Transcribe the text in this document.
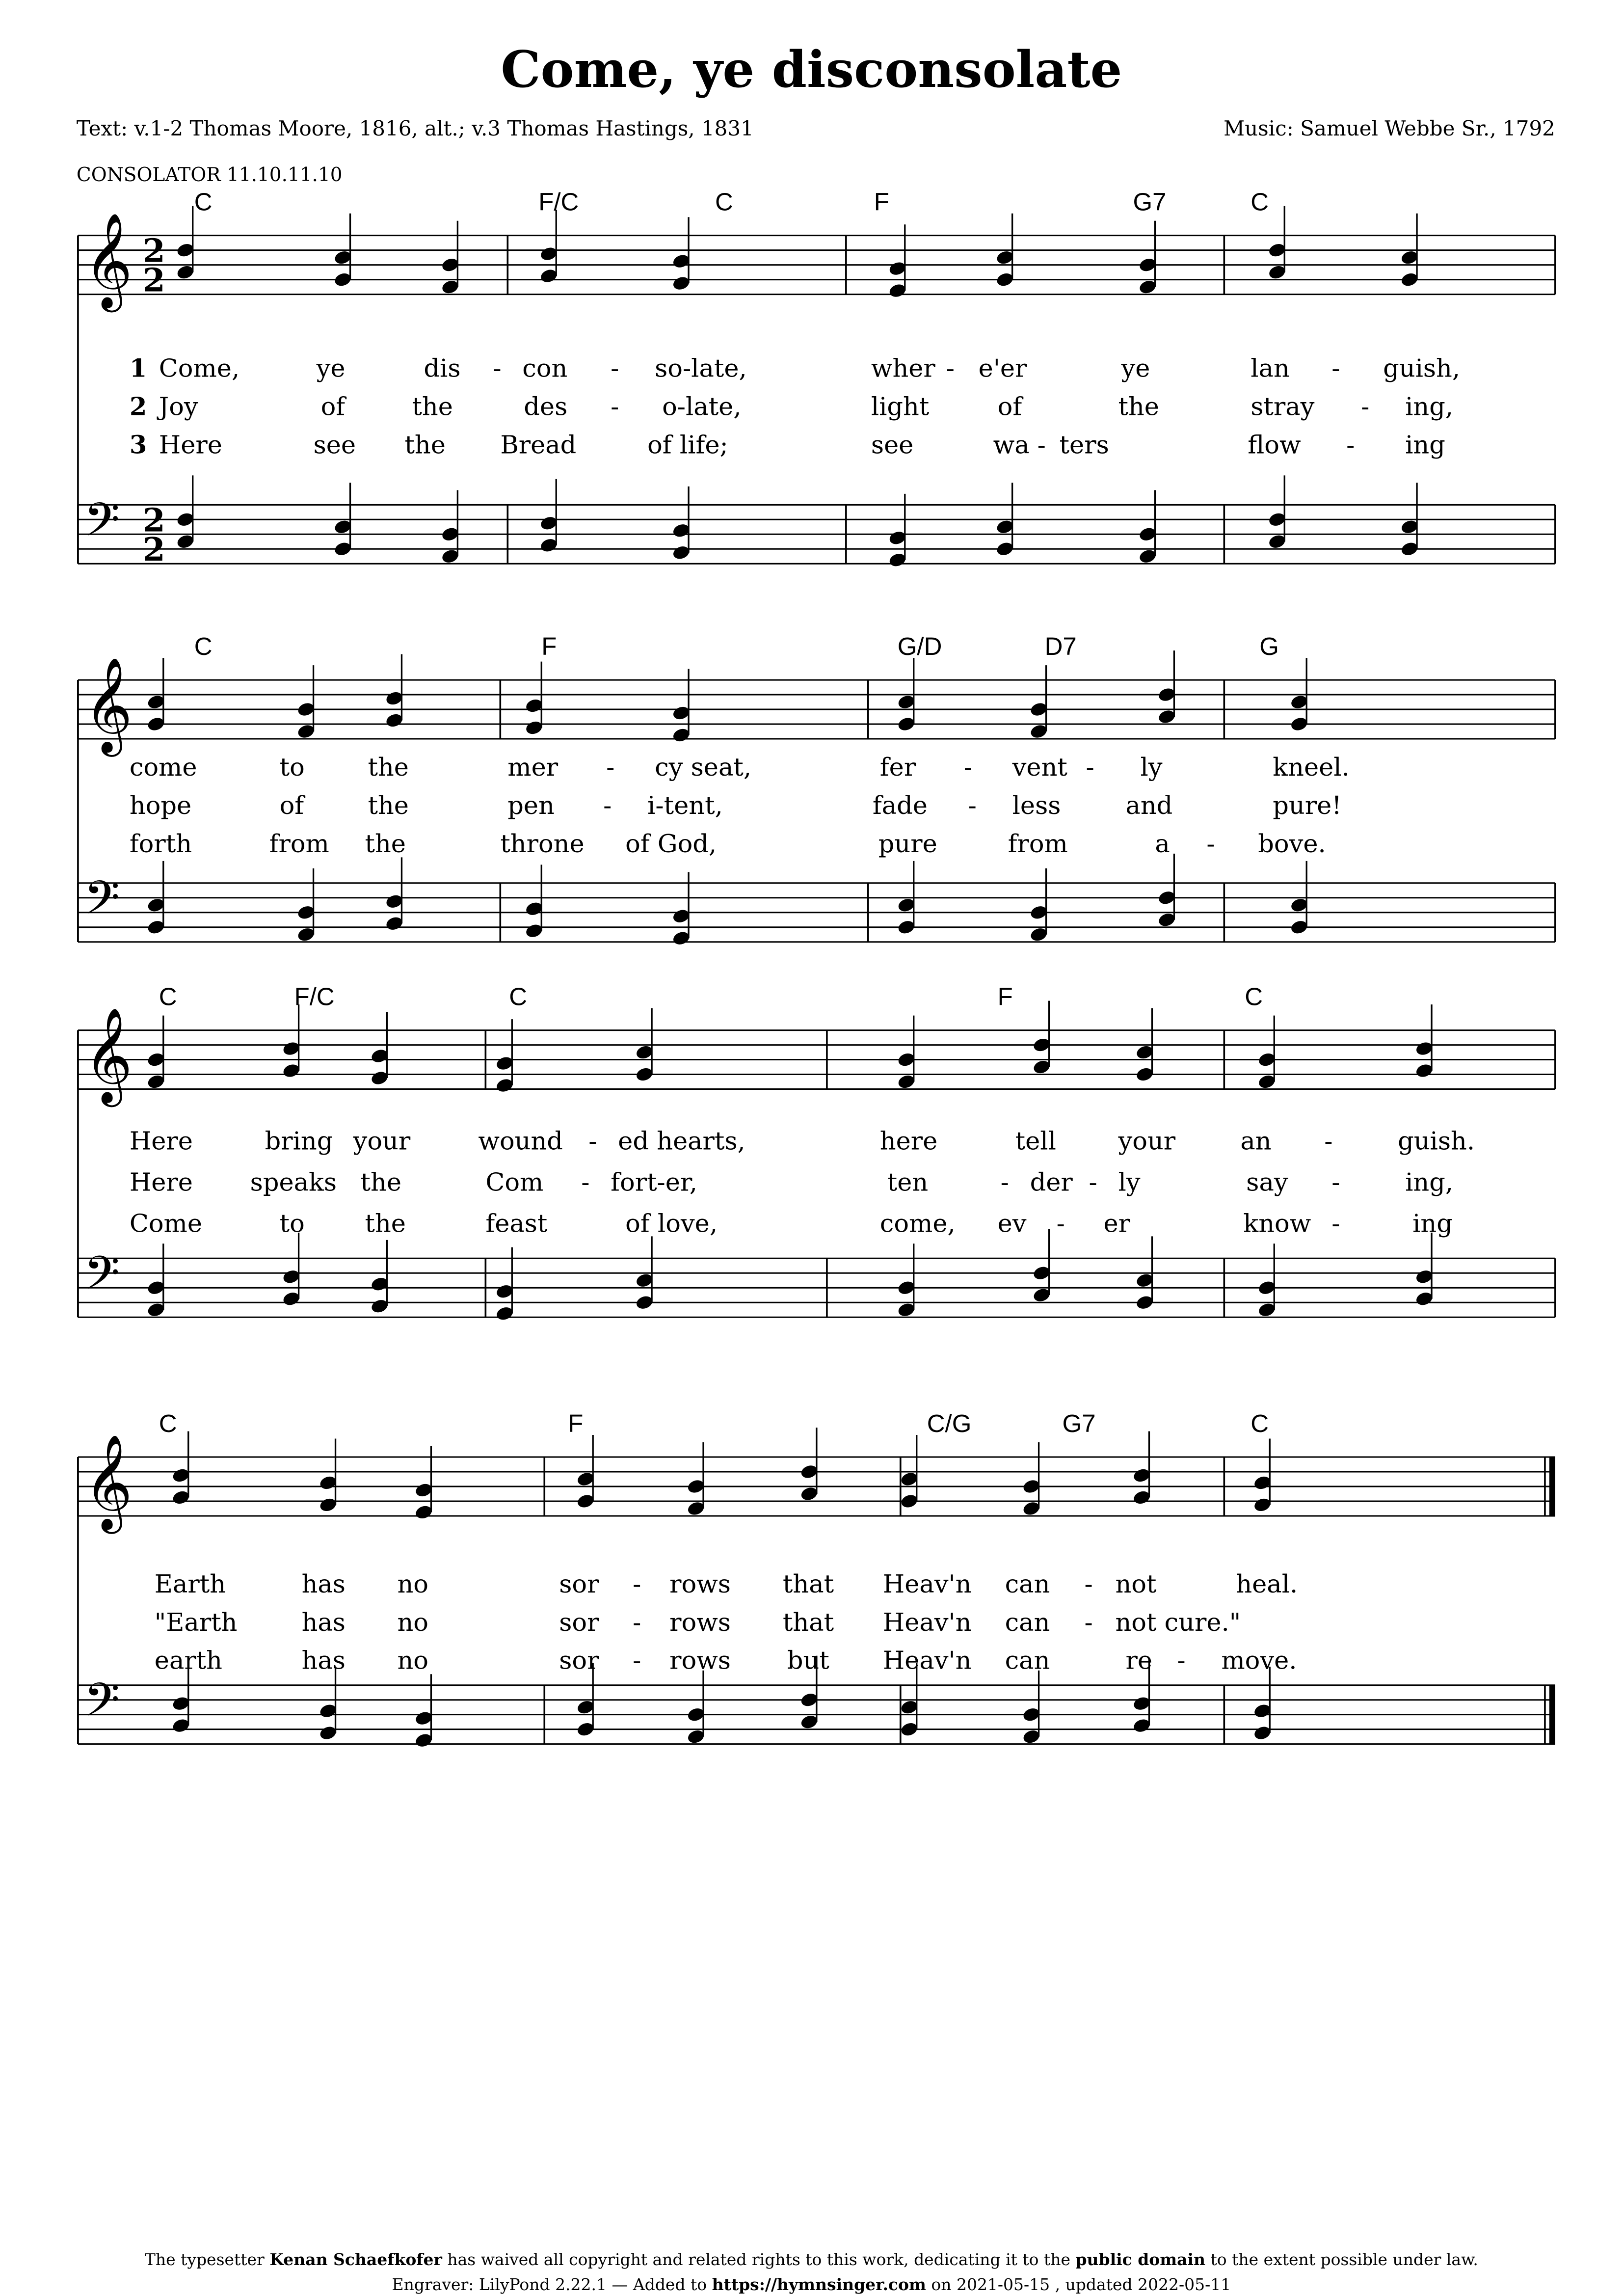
Come, ye disconsolate
Text: v.1-2 Thomas Moore, 1816, alt.; v.3 Thomas Hastings, 1831	Music: Samuel Webbe Sr., 1792
CONSOLATOR 11.10.11.10
C	F/C	C	F	G7	C
𝄞
𝄢
2
2
2
2
1 Come,	ye	dis	-	con	-	so-late,	wher -	e'er	ye	lan	-	guish,
2 Joy	of	the	des	-	o-late,	light	of	the	stray	-	ing,
3 Here	see	the	Bread	of life;	see	wa - ters	flow	-	ing
C	F	G/D	D7	G
𝄞
𝄢
come	to	the	mer	-	cy seat,	fer	-	vent -	ly	kneel.
hope	of	the	pen	-	i-tent,	fade	-	less	and	pure!
forth	from	the	throne	of God,	pure	from	a	-	bove.
C	F/C	C	F	C
𝄞
𝄢
Here	bring your	wound	-	ed hearts,	here	tell	your	an	-	guish.
Here	speaks	the	Com	-	fort-er,	ten	-	der -	ly	say	-	ing,
Come	to	the	feast	of love,	come,	ev	-	er	know -	ing
C	F	C/G	G7	C
𝄞
𝄢
Earth	has	no	sor	-	rows	that	Heav'n	can	-	not	heal.
"Earth	has	no	sor	-	rows	that	Heav'n	can	-	not cure."
earth	has	no	sor	-	rows	but	Heav'n	can	re	-	move.
The typesetter Kenan Schaefkofer has waived all copyright and related rights to this work, dedicating it to the public domain to the extent possible under law.
Engraver: LilyPond 2.22.1 — Added to https://hymnsinger.com on 2021-05-15 , updated 2022-05-11
